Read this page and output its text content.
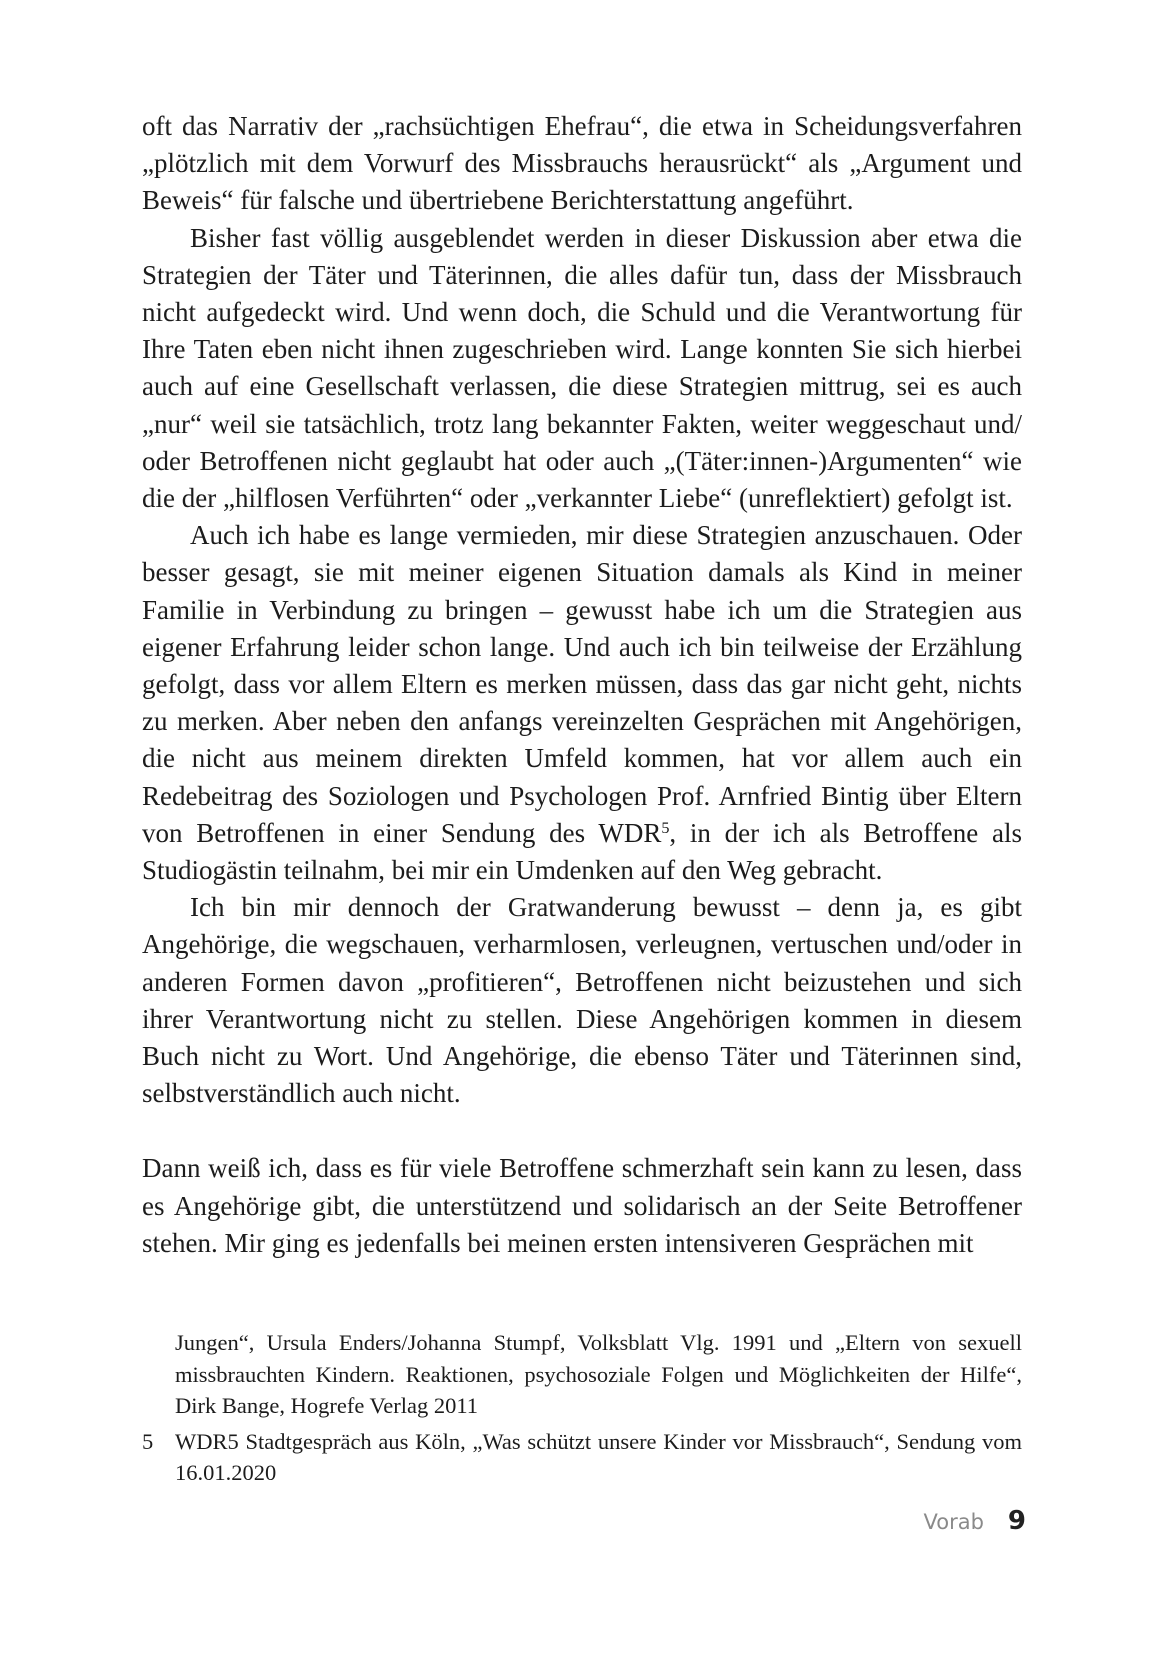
oft das Narrativ der „rachsüchtigen Ehefrau“, die etwa in Scheidungsverfahren „plötzlich mit dem Vorwurf des Missbrauchs herausrückt“ als „Argument und Beweis“ für falsche und übertriebene Berichterstattung angeführt.

Bisher fast völlig ausgeblendet werden in dieser Diskussion aber etwa die Strategien der Täter und Täterinnen, die alles dafür tun, dass der Missbrauch nicht aufgedeckt wird. Und wenn doch, die Schuld und die Verantwortung für Ihre Taten eben nicht ihnen zugeschrieben wird. Lange konnten Sie sich hierbei auch auf eine Gesellschaft verlassen, die diese Strategien mittrug, sei es auch „nur“ weil sie tatsächlich, trotz lang bekannter Fakten, weiter weggeschaut und/ oder Betroffenen nicht geglaubt hat oder auch „(Täter:innen-)Argumenten“ wie die der „hilflosen Verführten“ oder „verkannter Liebe“ (unreflektiert) gefolgt ist.

Auch ich habe es lange vermieden, mir diese Strategien anzuschauen. Oder besser gesagt, sie mit meiner eigenen Situation damals als Kind in meiner Familie in Verbindung zu bringen – gewusst habe ich um die Strategien aus eigener Erfahrung leider schon lange. Und auch ich bin teilweise der Erzählung gefolgt, dass vor allem Eltern es merken müssen, dass das gar nicht geht, nichts zu merken. Aber neben den anfangs vereinzelten Gesprächen mit Angehörigen, die nicht aus meinem direkten Umfeld kommen, hat vor allem auch ein Redebeitrag des Soziologen und Psychologen Prof. Arnfried Bintig über Eltern von Betroffenen in einer Sendung des WDR$^5$, in der ich als Betroffene als Studiogästin teilnahm, bei mir ein Umdenken auf den Weg gebracht.

Ich bin mir dennoch der Gratwanderung bewusst – denn ja, es gibt Angehörige, die wegschauen, verharmlosen, verleugnen, vertuschen und/oder in anderen Formen davon „profitieren“, Betroffenen nicht beizustehen und sich ihrer Verantwortung nicht zu stellen. Diese Angehörigen kommen in diesem Buch nicht zu Wort. Und Angehörige, die ebenso Täter und Täterinnen sind, selbstverständlich auch nicht.

Dann weiß ich, dass es für viele Betroffene schmerzhaft sein kann zu lesen, dass es Angehörige gibt, die unterstützend und solidarisch an der Seite Betroffener stehen. Mir ging es jedenfalls bei meinen ersten intensiveren Gesprächen mit

Jungen“, Ursula Enders/Johanna Stumpf, Volksblatt Vlg. 1991 und „Eltern von sexuell missbrauchten Kindern. Reaktionen, psychosoziale Folgen und Möglichkeiten der Hilfe“, Dirk Bange, Hogrefe Verlag 2011
5 WDR5 Stadtgespräch aus Köln, „Was schützt unsere Kinder vor Missbrauch“, Sendung vom 16.01.2020
Vorab 9
